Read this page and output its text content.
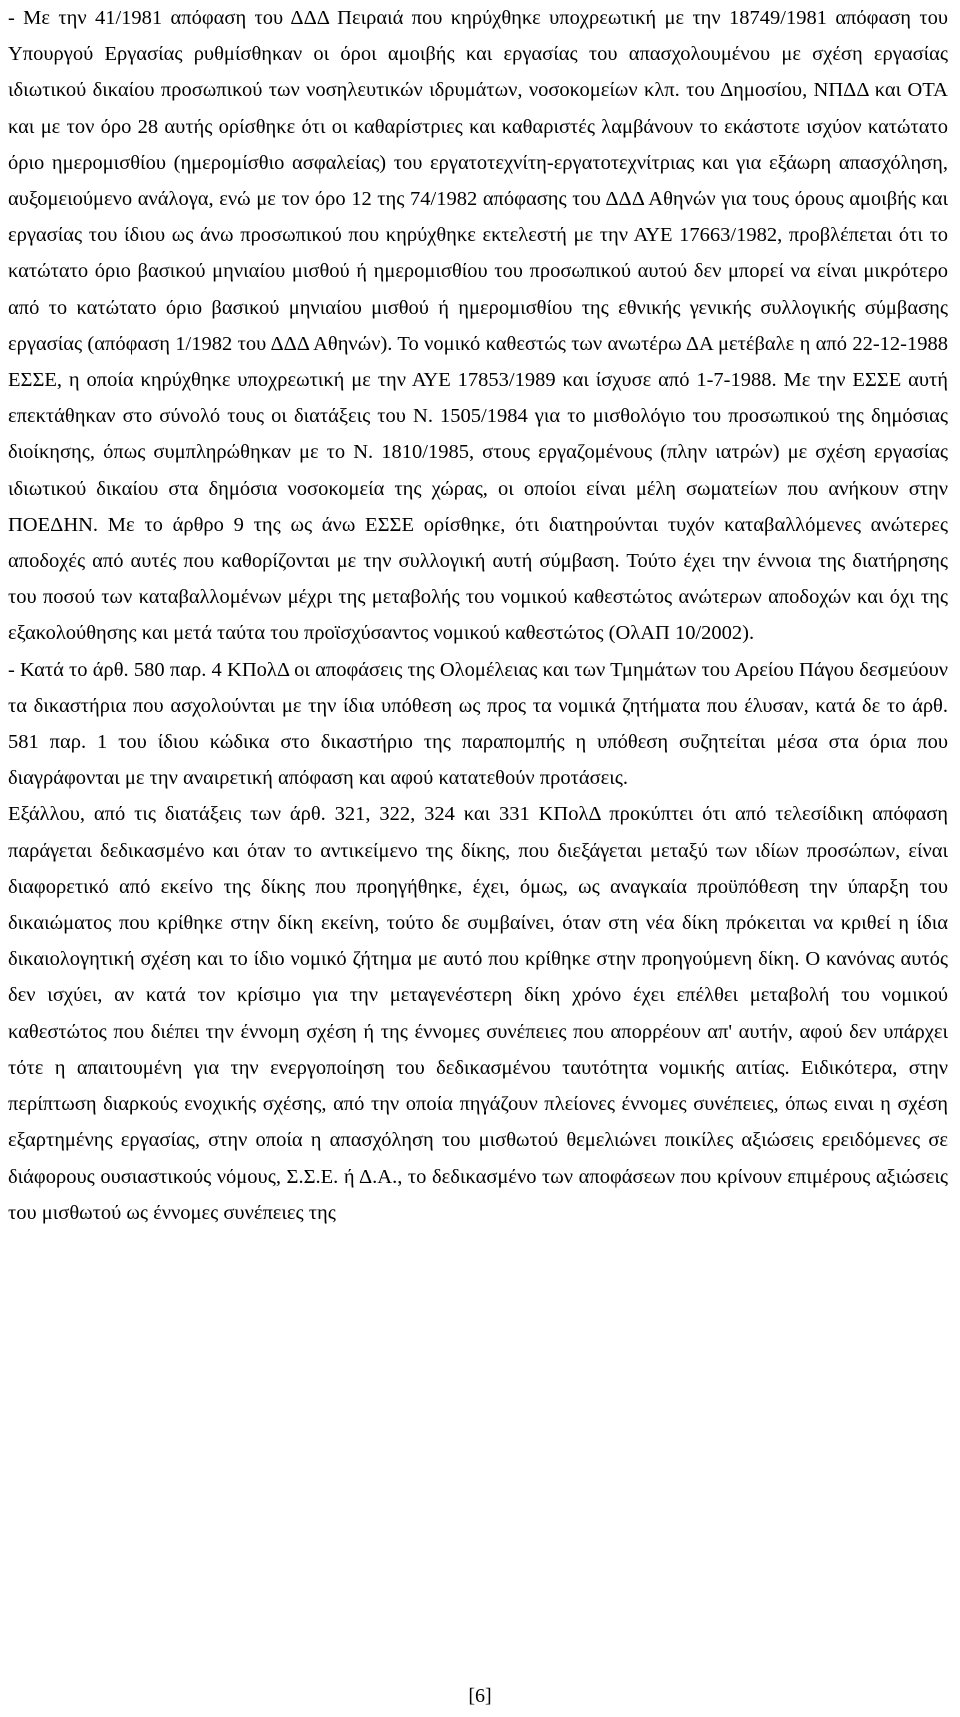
- Με την 41/1981 απόφαση του ΔΔΔ Πειραιά που κηρύχθηκε υποχρεωτική με την 18749/1981 απόφαση του Υπουργού Εργασίας ρυθμίσθηκαν οι όροι αμοιβής και εργασίας του απασχολουμένου με σχέση εργασίας ιδιωτικού δικαίου προσωπικού των νοσηλευτικών ιδρυμάτων, νοσοκομείων κλπ. του Δημοσίου, ΝΠΔΔ και ΟΤΑ και με τον όρο 28 αυτής ορίσθηκε ότι οι καθαρίστριες και καθαριστές λαμβάνουν το εκάστοτε ισχύον κατώτατο όριο ημερομισθίου (ημερομίσθιο ασφαλείας) του εργατοτεχνίτη-εργατοτεχνίτριας και για εξάωρη απασχόληση, αυξομειούμενο ανάλογα, ενώ με τον όρο 12 της 74/1982 απόφασης του ΔΔΔ Αθηνών για τους όρους αμοιβής και εργασίας του ίδιου ως άνω προσωπικού που κηρύχθηκε εκτελεστή με την ΑΥΕ 17663/1982, προβλέπεται ότι το κατώτατο όριο βασικού μηνιαίου μισθού ή ημερομισθίου του προσωπικού αυτού δεν μπορεί να είναι μικρότερο από το κατώτατο όριο βασικού μηνιαίου μισθού ή ημερομισθίου της εθνικής γενικής συλλογικής σύμβασης εργασίας (απόφαση 1/1982 του ΔΔΔ Αθηνών). Το νομικό καθεστώς των ανωτέρω ΔΑ μετέβαλε η από 22-12-1988 ΕΣΣΕ, η οποία κηρύχθηκε υποχρεωτική με την ΑΥΕ 17853/1989 και ίσχυσε από 1-7-1988. Με την ΕΣΣΕ αυτή επεκτάθηκαν στο σύνολό τους οι διατάξεις του Ν. 1505/1984 για το μισθολόγιο του προσωπικού της δημόσιας διοίκησης, όπως συμπληρώθηκαν με το Ν. 1810/1985, στους εργαζομένους (πλην ιατρών) με σχέση εργασίας ιδιωτικού δικαίου στα δημόσια νοσοκομεία της χώρας, οι οποίοι είναι μέλη σωματείων που ανήκουν στην ΠΟΕΔΗΝ. Με το άρθρο 9 της ως άνω ΕΣΣΕ ορίσθηκε, ότι διατηρούνται τυχόν καταβαλλόμενες ανώτερες αποδοχές από αυτές που καθορίζονται με την συλλογική αυτή σύμβαση. Τούτο έχει την έννοια της διατήρησης του ποσού των καταβαλλομένων μέχρι της μεταβολής του νομικού καθεστώτος ανώτερων αποδοχών και όχι της εξακολούθησης και μετά ταύτα του προϊσχύσαντος νομικού καθεστώτος (ΟλΑΠ 10/2002).

- Κατά το άρθ. 580 παρ. 4 ΚΠολΔ οι αποφάσεις της Ολομέλειας και των Τμημάτων του Αρείου Πάγου δεσμεύουν τα δικαστήρια που ασχολούνται με την ίδια υπόθεση ως προς τα νομικά ζητήματα που έλυσαν, κατά δε το άρθ. 581 παρ. 1 του ίδιου κώδικα στο δικαστήριο της παραπομπής η υπόθεση συζητείται μέσα στα όρια που διαγράφονται με την αναιρετική απόφαση και αφού κατατεθούν προτάσεις.

Εξάλλου, από τις διατάξεις των άρθ. 321, 322, 324 και 331 ΚΠολΔ προκύπτει ότι από τελεσίδικη απόφαση παράγεται δεδικασμένο και όταν το αντικείμενο της δίκης, που διεξάγεται μεταξύ των ιδίων προσώπων, είναι διαφορετικό από εκείνο της δίκης που προηγήθηκε, έχει, όμως, ως αναγκαία προϋπόθεση την ύπαρξη του δικαιώματος που κρίθηκε στην δίκη εκείνη, τούτο δε συμβαίνει, όταν στη νέα δίκη πρόκειται να κριθεί η ίδια δικαιολογητική σχέση και το ίδιο νομικό ζήτημα με αυτό που κρίθηκε στην προηγούμενη δίκη. Ο κανόνας αυτός δεν ισχύει, αν κατά τον κρίσιμο για την μεταγενέστερη δίκη χρόνο έχει επέλθει μεταβολή του νομικού καθεστώτος που διέπει την έννομη σχέση ή της έννομες συνέπειες που απορρέουν απ' αυτήν, αφού δεν υπάρχει τότε η απαιτουμένη για την ενεργοποίηση του δεδικασμένου ταυτότητα νομικής αιτίας. Ειδικότερα, στην περίπτωση διαρκούς ενοχικής σχέσης, από την οποία πηγάζουν πλείονες έννομες συνέπειες, όπως ειναι η σχέση εξαρτημένης εργασίας, στην οποία η απασχόληση του μισθωτού θεμελιώνει ποικίλες αξιώσεις ερειδόμενες σε διάφορους ουσιαστικούς νόμους, Σ.Σ.Ε. ή Δ.Α., το δεδικασμένο των αποφάσεων που κρίνουν επιμέρους αξιώσεις του μισθωτού ως έννομες συνέπειες της

[6]
